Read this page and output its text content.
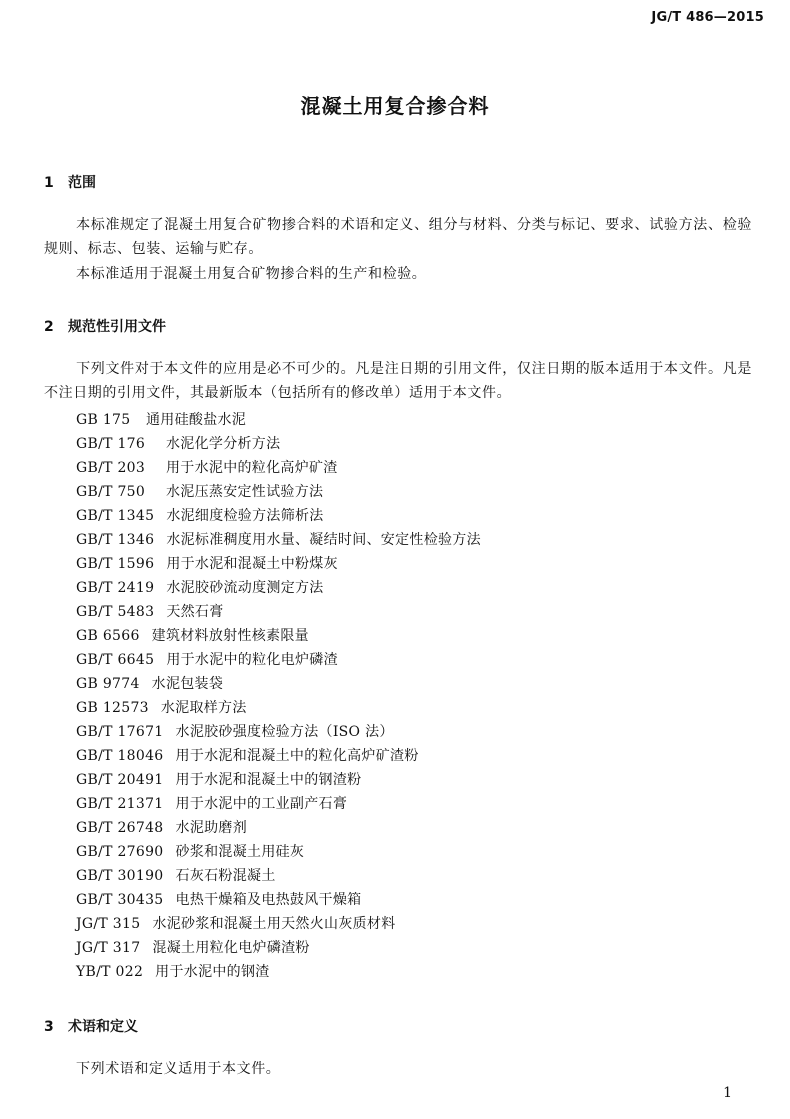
JG/T 486—2015
混凝土用复合掺合料
1 范围

本标准规定了混凝土用复合矿物掺合料的术语和定义、组分与材料、分类与标记、要求、试验方法、检验规则、标志、包装、运输与贮存。

本标准适用于混凝土用复合矿物掺合料的生产和检验。

2 规范性引用文件

下列文件对于本文件的应用是必不可少的。凡是注日期的引用文件，仅注日期的版本适用于本文件。凡是不注日期的引用文件，其最新版本（包括所有的修改单）适用于本文件。

GB 175 通用硅酸盐水泥
GB/T 176 水泥化学分析方法
GB/T 203 用于水泥中的粒化高炉矿渣
GB/T 750 水泥压蒸安定性试验方法
GB/T 1345 水泥细度检验方法筛析法
GB/T 1346 水泥标准稠度用水量、凝结时间、安定性检验方法
GB/T 1596 用于水泥和混凝土中粉煤灰
GB/T 2419 水泥胶砂流动度测定方法
GB/T 5483 天然石膏
GB 6566 建筑材料放射性核素限量
GB/T 6645 用于水泥中的粒化电炉磷渣
GB 9774 水泥包装袋
GB 12573 水泥取样方法
GB/T 17671 水泥胶砂强度检验方法（ISO 法）
GB/T 18046 用于水泥和混凝土中的粒化高炉矿渣粉
GB/T 20491 用于水泥和混凝土中的钢渣粉
GB/T 21371 用于水泥中的工业副产石膏
GB/T 26748 水泥助磨剂
GB/T 27690 砂浆和混凝土用硅灰
GB/T 30190 石灰石粉混凝土
GB/T 30435 电热干燥箱及电热鼓风干燥箱
JG/T 315 水泥砂浆和混凝土用天然火山灰质材料
JG/T 317 混凝土用粒化电炉磷渣粉
YB/T 022 用于水泥中的钢渣
3 术语和定义

下列术语和定义适用于本文件。

1
